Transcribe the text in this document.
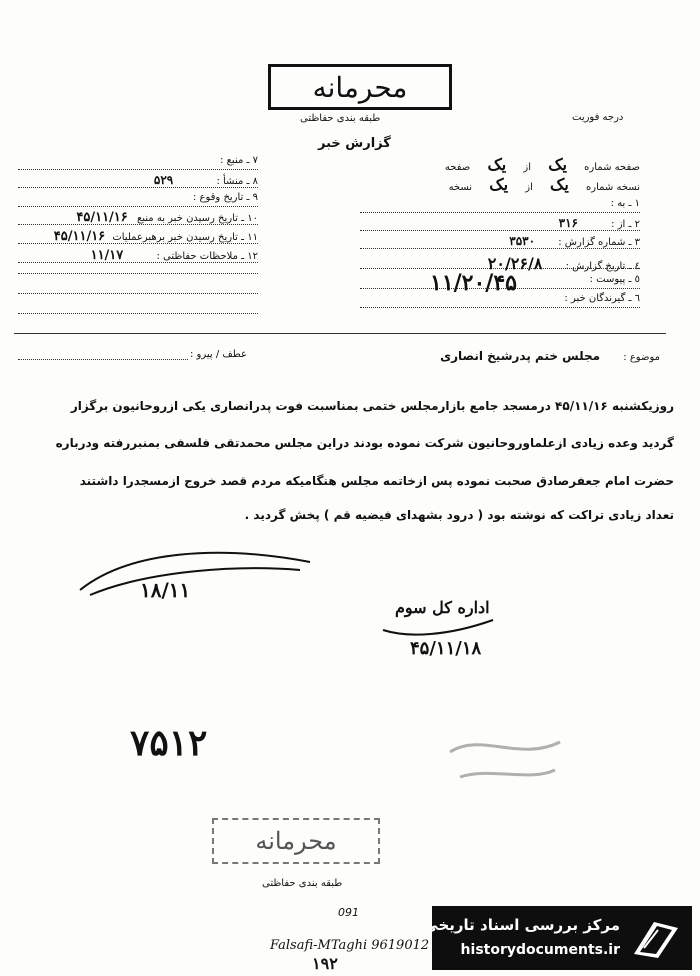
محرمانه
طبقه بندی حفاظتی	درجه فوریت
گزارش خبر
صفحه شماره یک از یک صفحه
نسخه شماره یک از یک نسخه
۱ ـ به :
۲ ـ از : ۳۱۶
۳ ـ شماره گزارش : ۳۵۳۰
٤ ـ تاریخ گزارش : ۲۰/۲۶/۸
٥ ـ پیوست :
٦ ـ گیرندگان خبر :
۱۱/۲۰/۴۵
۷ ـ منبع :
۸ ـ منشأ : ۵۲۹
۹ ـ تاریخ وقوع :
۱۰ ـ تاریخ رسیدن خبر به منبع ۴۵/۱۱/۱۶
۱۱ ـ تاریخ رسیدن خبر برهبرعملیات ۴۵/۱۱/۱۶
۱۲ ـ ملاحظات حفاظتی : ۱۱/۱۷
موضوع : مجلس ختم پدرشیخ انصاری
عطف / پیرو :
روزیکشنبه ۴۵/۱۱/۱۶ درمسجد جامع بازارمجلس ختمی بمناسبت فوت پدرانصاری یکی ازروحانیون برگزار
گردید وعده زیادی ازعلماوروحانیون شرکت نموده بودند دراین مجلس محمدتقی فلسفی بمنبررفته ودرباره
حضرت امام جعفرصادق صحبت نموده پس ازخاتمه مجلس هنگامیکه مردم قصد خروج ازمسجدرا داشتند
تعداد زیادی تراکت که نوشته بود ( درود بشهدای فیضیه قم ) پخش گردید .
۱۸/۱۱
اداره کل سوم
۴۵/۱۱/۱۸
۷۵۱۲
محرمانه
طبقه بندی حفاظتی
091
Falsafi-MTaghi 9619012
۱۹۲
مرکز بررسی اسناد تاریخی
historydocuments.ir
